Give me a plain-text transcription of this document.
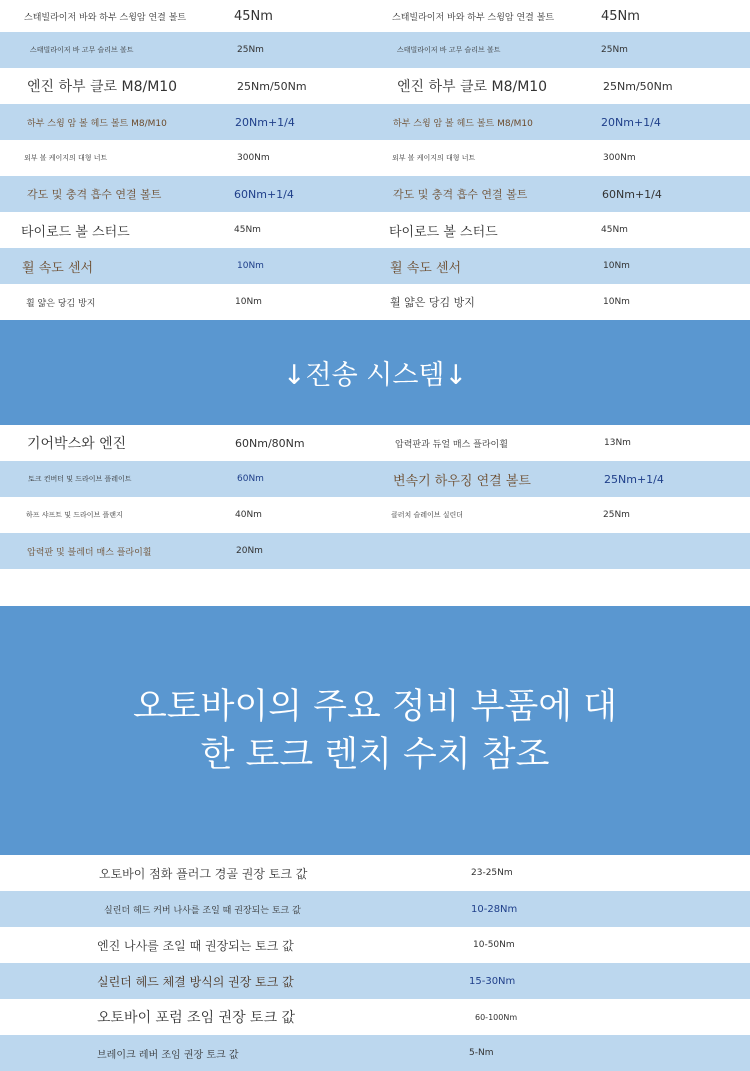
스태빌라이저 바와 하부 스윙암 연결 볼트	45Nm	스태빌라이저 바와 하부 스윙암 연결 볼트	45Nm
스태빌라이저 바 고무 슬리브 볼트	25Nm	스태빌라이저 바 고무 슬리브 볼트	25Nm
엔진 하부 클로 M8/M10	25Nm/50Nm	엔진 하부 클로 M8/M10	25Nm/50Nm
하부 스윙 암 볼 헤드 볼트 M8/M10	20Nm+1/4	하부 스윙 암 볼 헤드 볼트 M8/M10	20Nm+1/4
외부 볼 케이지의 대형 너트	300Nm	외부 볼 케이지의 대형 너트	300Nm
각도 및 충격 흡수 연결 볼트	60Nm+1/4	각도 및 충격 흡수 연결 볼트	60Nm+1/4
타이로드 볼 스터드	45Nm	타이로드 볼 스터드	45Nm
휠 속도 센서	10Nm	휠 속도 센서	10Nm
휠 얇은 당김 방지	10Nm	휠 얇은 당김 방지	10Nm
↓전송 시스템↓
기어박스와 엔진	60Nm/80Nm	압력판과 듀얼 매스 플라이휠	13Nm
토크 컨버터 및 드라이브 플레이트	60Nm	변속기 하우징 연결 볼트	25Nm+1/4
하프 샤프트 및 드라이브 플랜지	40Nm	클러치 슬레이브 실린더	25Nm
압력판 및 블레더 매스 플라이휠	20Nm
오토바이의 주요 정비 부품에 대
한 토크 렌치 수치 참조
오토바이 점화 플러그 경골 권장 토크 값	23-25Nm
실린더 헤드 커버 나사를 조일 때 권장되는 토크 값	10-28Nm
엔진 나사를 조일 때 권장되는 토크 값	10-50Nm
실린더 헤드 체결 방식의 권장 토크 값	15-30Nm
오토바이 포럼 조임 권장 토크 값	60-100Nm
브레이크 레버 조임 권장 토크 값	5-Nm
